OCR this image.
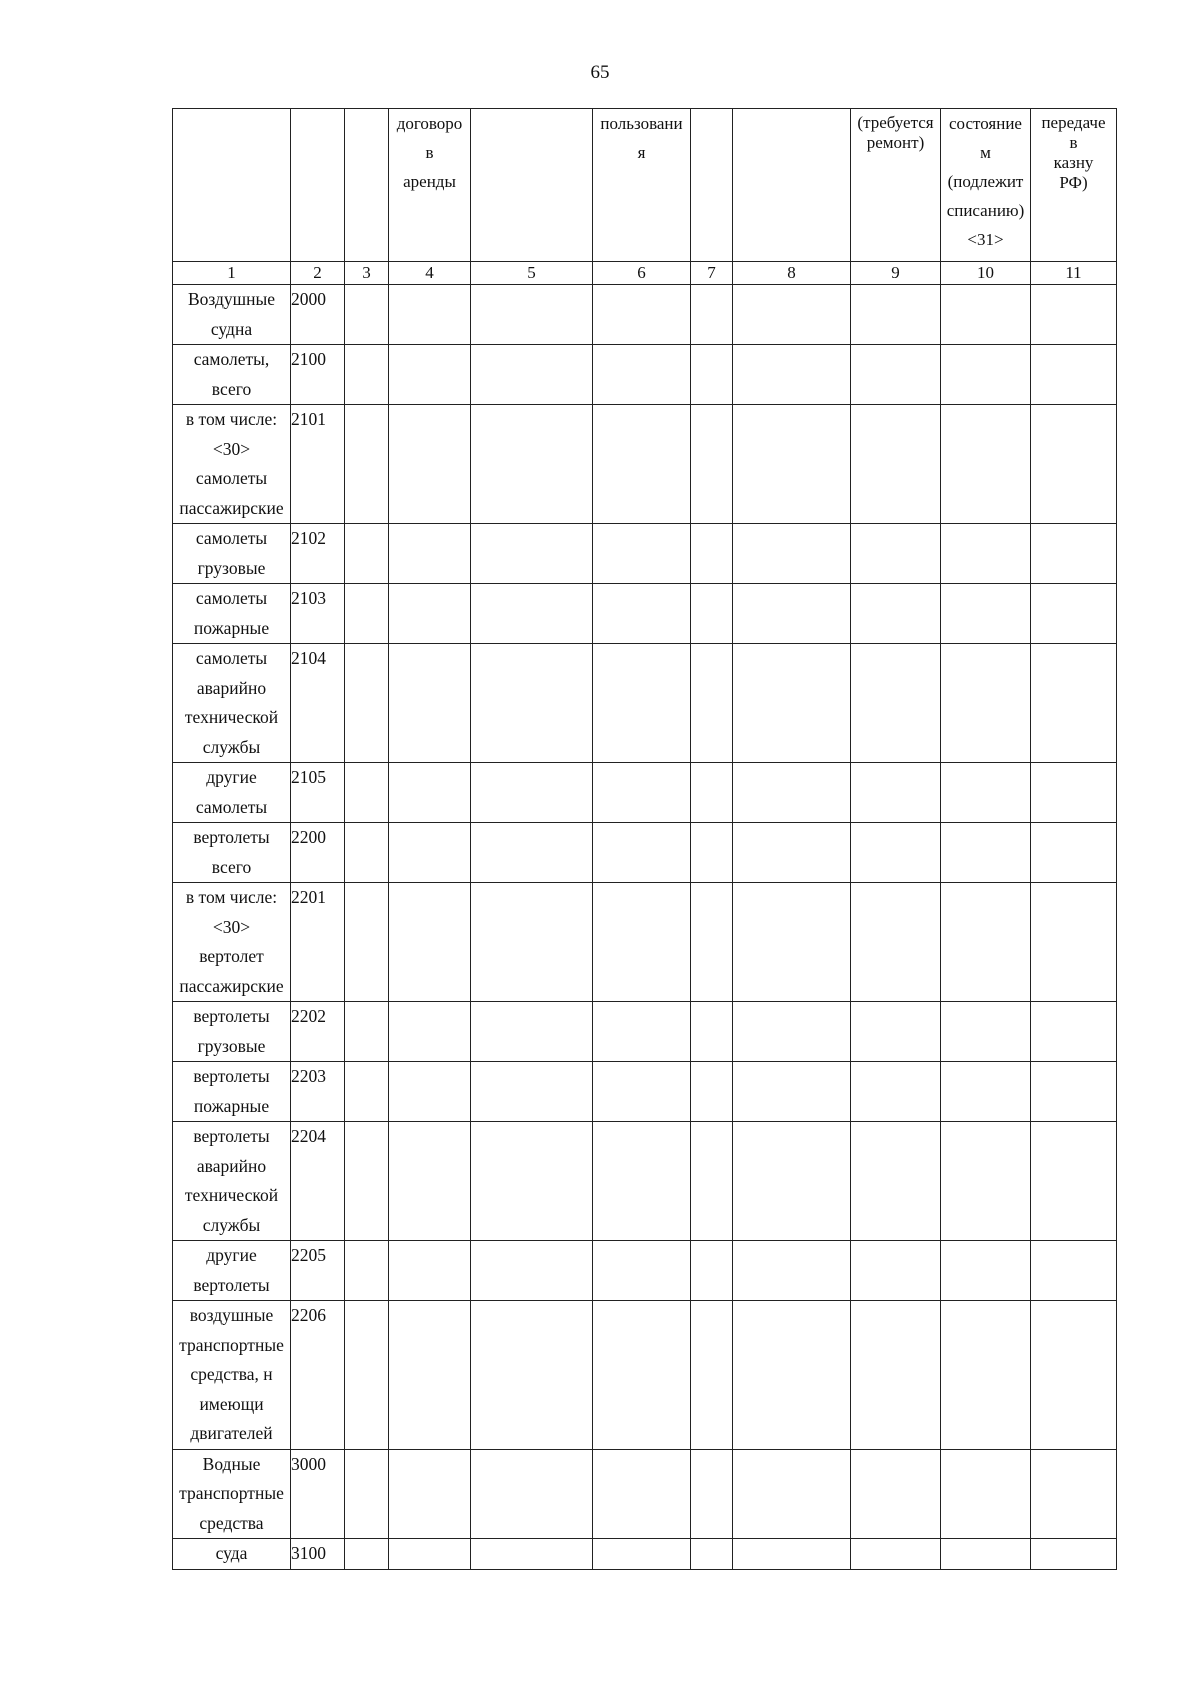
65
			договоро
в
аренды		пользовани
я			(требуется
ремонт)	состояние
м
(подлежит
списанию)
<31>	передаче
в
казну
РФ)
1	2	3	4	5	6	7	8	9	10	11
Воздушные
судна	2000									
самолеты,
всего	2100									
в том числе:
<30>
самолеты
пассажирские	2101									
самолеты
грузовые	2102									
самолеты
пожарные	2103									
самолеты
аварийно
технической
службы	2104									
другие
самолеты	2105									
вертолеты
всего	2200									
в том числе:
<30>
вертолет
пассажирские	2201									
вертолеты
грузовые	2202									
вертолеты
пожарные	2203									
вертолеты
аварийно
технической
службы	2204									
другие
вертолеты	2205									
воздушные
транспортные
средства, н
имеющи
двигателей	2206									
Водные
транспортные
средства	3000									
суда	3100									
